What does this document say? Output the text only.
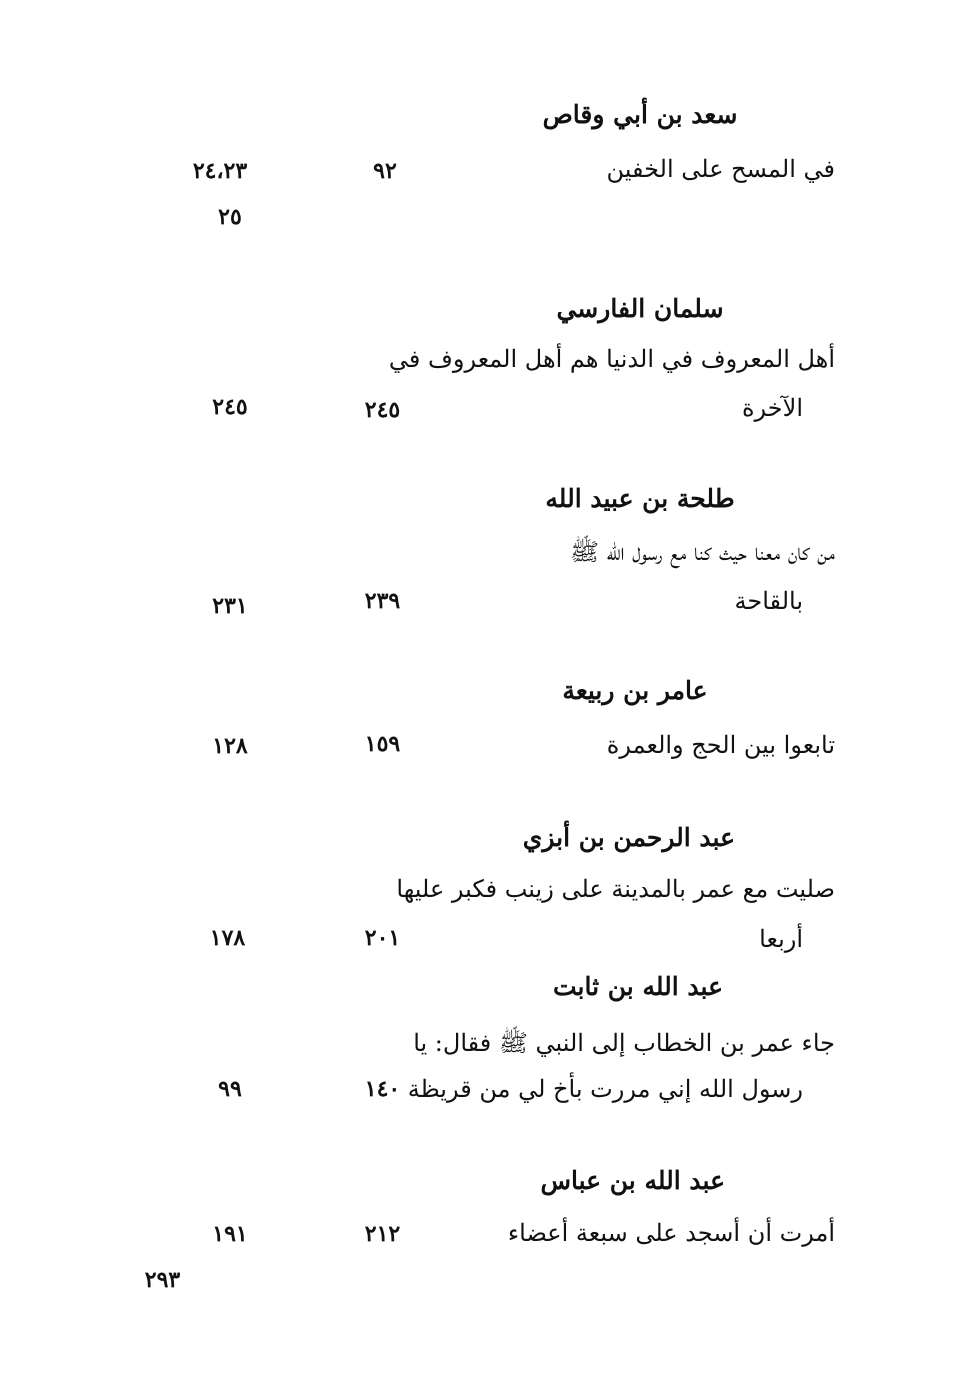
سعد بن أبي وقاص
في المسح على الخفين
٩٢
٢٤،٢٣
٢٥
سلمان الفارسي
أهل المعروف في الدنيا هم أهل المعروف في
الآخرة
٢٤٥
٢٤٥
طلحة بن عبيد الله
من كان معنا حيث كنا مع رسول الله ﷺ
بالقاحة
٢٣٩
٢٣١
عامر بن ربيعة
تابعوا بين الحج والعمرة
١٥٩
١٢٨
عبد الرحمن بن أبزي
صليت مع عمر بالمدينة على زينب فكبر عليها
أربعا
٢٠١
١٧٨
عبد الله بن ثابت
جاء عمر بن الخطاب إلى النبي ﷺ فقال: يا
رسول الله إني مررت بأخ لي من قريظة
١٤٠
٩٩
عبد الله بن عباس
أمرت أن أسجد على سبعة أعضاء
٢١٢
١٩١
٢٩٣
